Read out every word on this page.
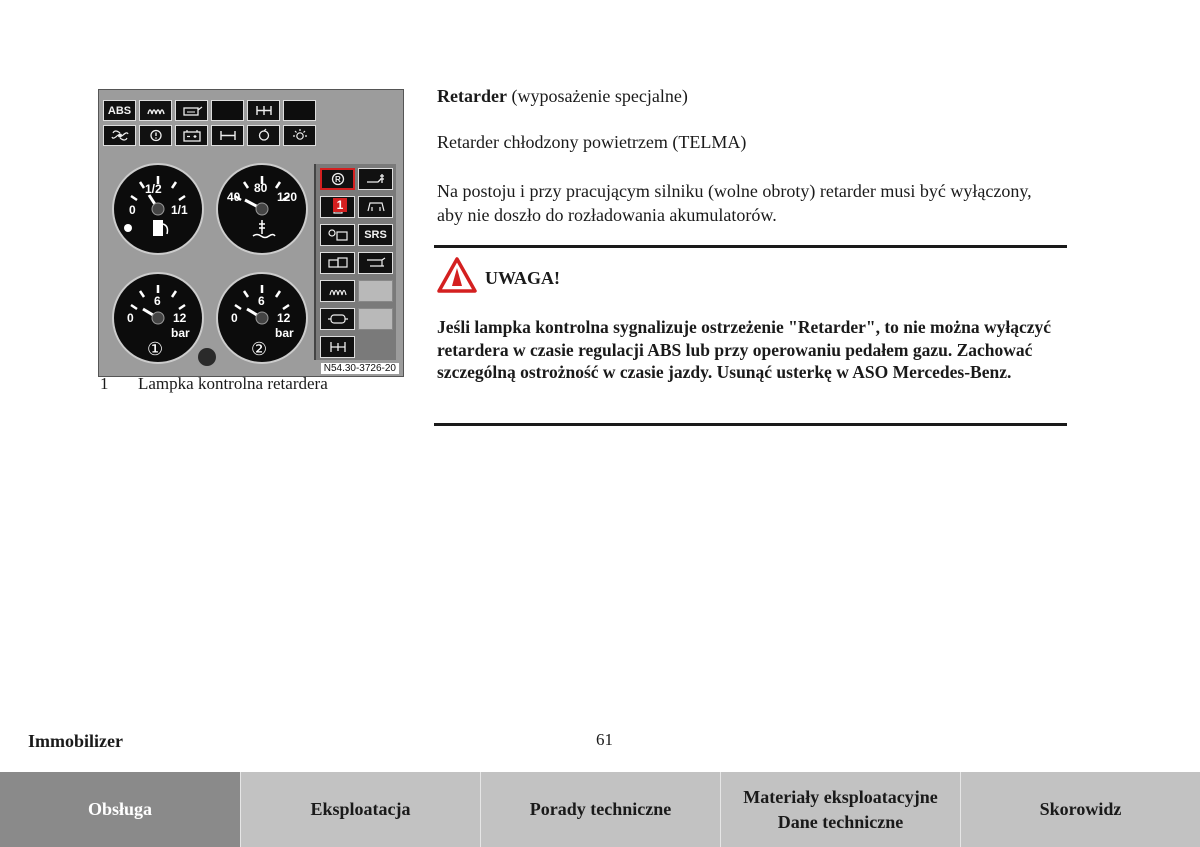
ABS
0
1/2
1/1
40
80
120
0
6
12
bar
①
0
6
12
bar
②
R
1
SRS
N54.30-3726-20
1 Lampka kontrolna retardera
Retarder (wyposażenie specjalne)
Retarder chłodzony powietrzem (TELMA)
Na postoju i przy pracującym silniku (wolne obroty) retarder musi być wyłączony, aby nie doszło do rozładowania akumulatorów.
UWAGA!
Jeśli lampka kontrolna sygnalizuje ostrzeżenie "Retarder", to nie można wyłączyć retardera w czasie regulacji ABS lub przy operowaniu pedałem gazu. Zachować szczególną ostrożność w czasie jazdy. Usunąć usterkę w ASO Mercedes-Benz.
Immobilizer	61
Obsługa	Eksploatacja	Porady techniczne
Materiały eksploatacyjne
Dane techniczne
Skorowidz
